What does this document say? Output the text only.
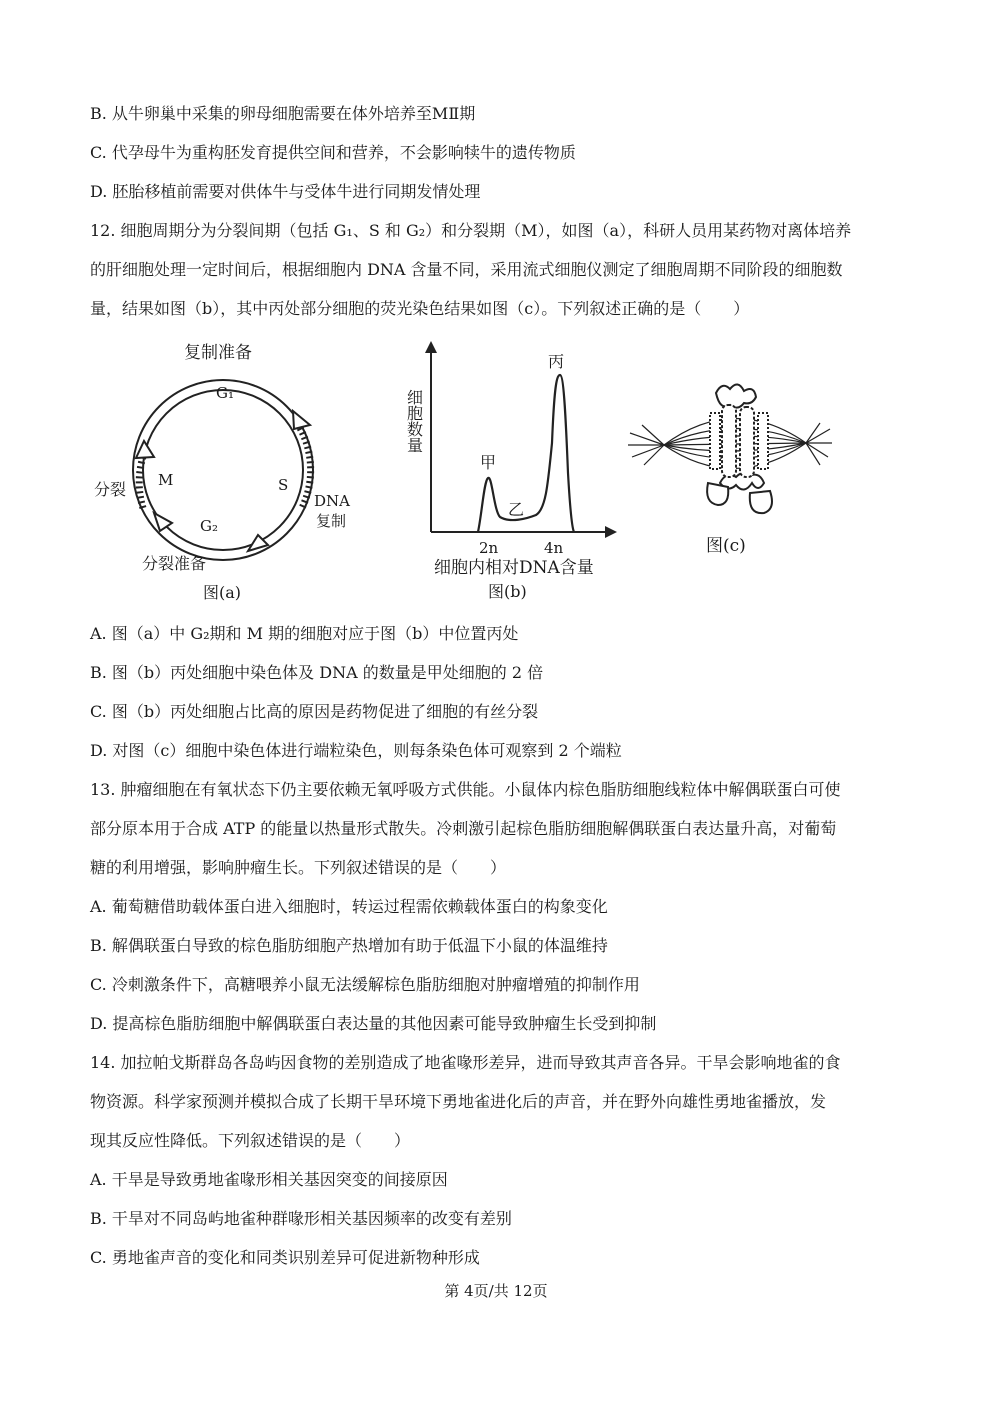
B. 从牛卵巢中采集的卵母细胞需要在体外培养至MⅡ期
C. 代孕母牛为重构胚发育提供空间和营养，不会影响犊牛的遗传物质
D. 胚胎移植前需要对供体牛与受体牛进行同期发情处理
12. 细胞周期分为分裂间期（包括 G₁、S 和 G₂）和分裂期（M），如图（a），科研人员用某药物对离体培养
的肝细胞处理一定时间后，根据细胞内 DNA 含量不同，采用流式细胞仪测定了细胞周期不同阶段的细胞数
量，结果如图（b），其中丙处部分细胞的荧光染色结果如图（c）。下列叙述正确的是（　　）
复制准备
G₁
S
DNA
复制
M
分裂
G₂
分裂准备
图(a)
细胞数量
甲
乙
丙
2n	4n
细胞内相对DNA含量
图(b)
图(c)
A. 图（a）中 G₂期和 M 期的细胞对应于图（b）中位置丙处
B. 图（b）丙处细胞中染色体及 DNA 的数量是甲处细胞的 2 倍
C. 图（b）丙处细胞占比高的原因是药物促进了细胞的有丝分裂
D. 对图（c）细胞中染色体进行端粒染色，则每条染色体可观察到 2 个端粒
13. 肿瘤细胞在有氧状态下仍主要依赖无氧呼吸方式供能。小鼠体内棕色脂肪细胞线粒体中解偶联蛋白可使
部分原本用于合成 ATP 的能量以热量形式散失。冷刺激引起棕色脂肪细胞解偶联蛋白表达量升高，对葡萄
糖的利用增强，影响肿瘤生长。下列叙述错误的是（　　）
A. 葡萄糖借助载体蛋白进入细胞时，转运过程需依赖载体蛋白的构象变化
B. 解偶联蛋白导致的棕色脂肪细胞产热增加有助于低温下小鼠的体温维持
C. 冷刺激条件下，高糖喂养小鼠无法缓解棕色脂肪细胞对肿瘤增殖的抑制作用
D. 提高棕色脂肪细胞中解偶联蛋白表达量的其他因素可能导致肿瘤生长受到抑制
14. 加拉帕戈斯群岛各岛屿因食物的差别造成了地雀喙形差异，进而导致其声音各异。干旱会影响地雀的食
物资源。科学家预测并模拟合成了长期干旱环境下勇地雀进化后的声音，并在野外向雄性勇地雀播放，发
现其反应性降低。下列叙述错误的是（　　）
A. 干旱是导致勇地雀喙形相关基因突变的间接原因
B. 干旱对不同岛屿地雀种群喙形相关基因频率的改变有差别
C. 勇地雀声音的变化和同类识别差异可促进新物种形成
第 4页/共 12页
